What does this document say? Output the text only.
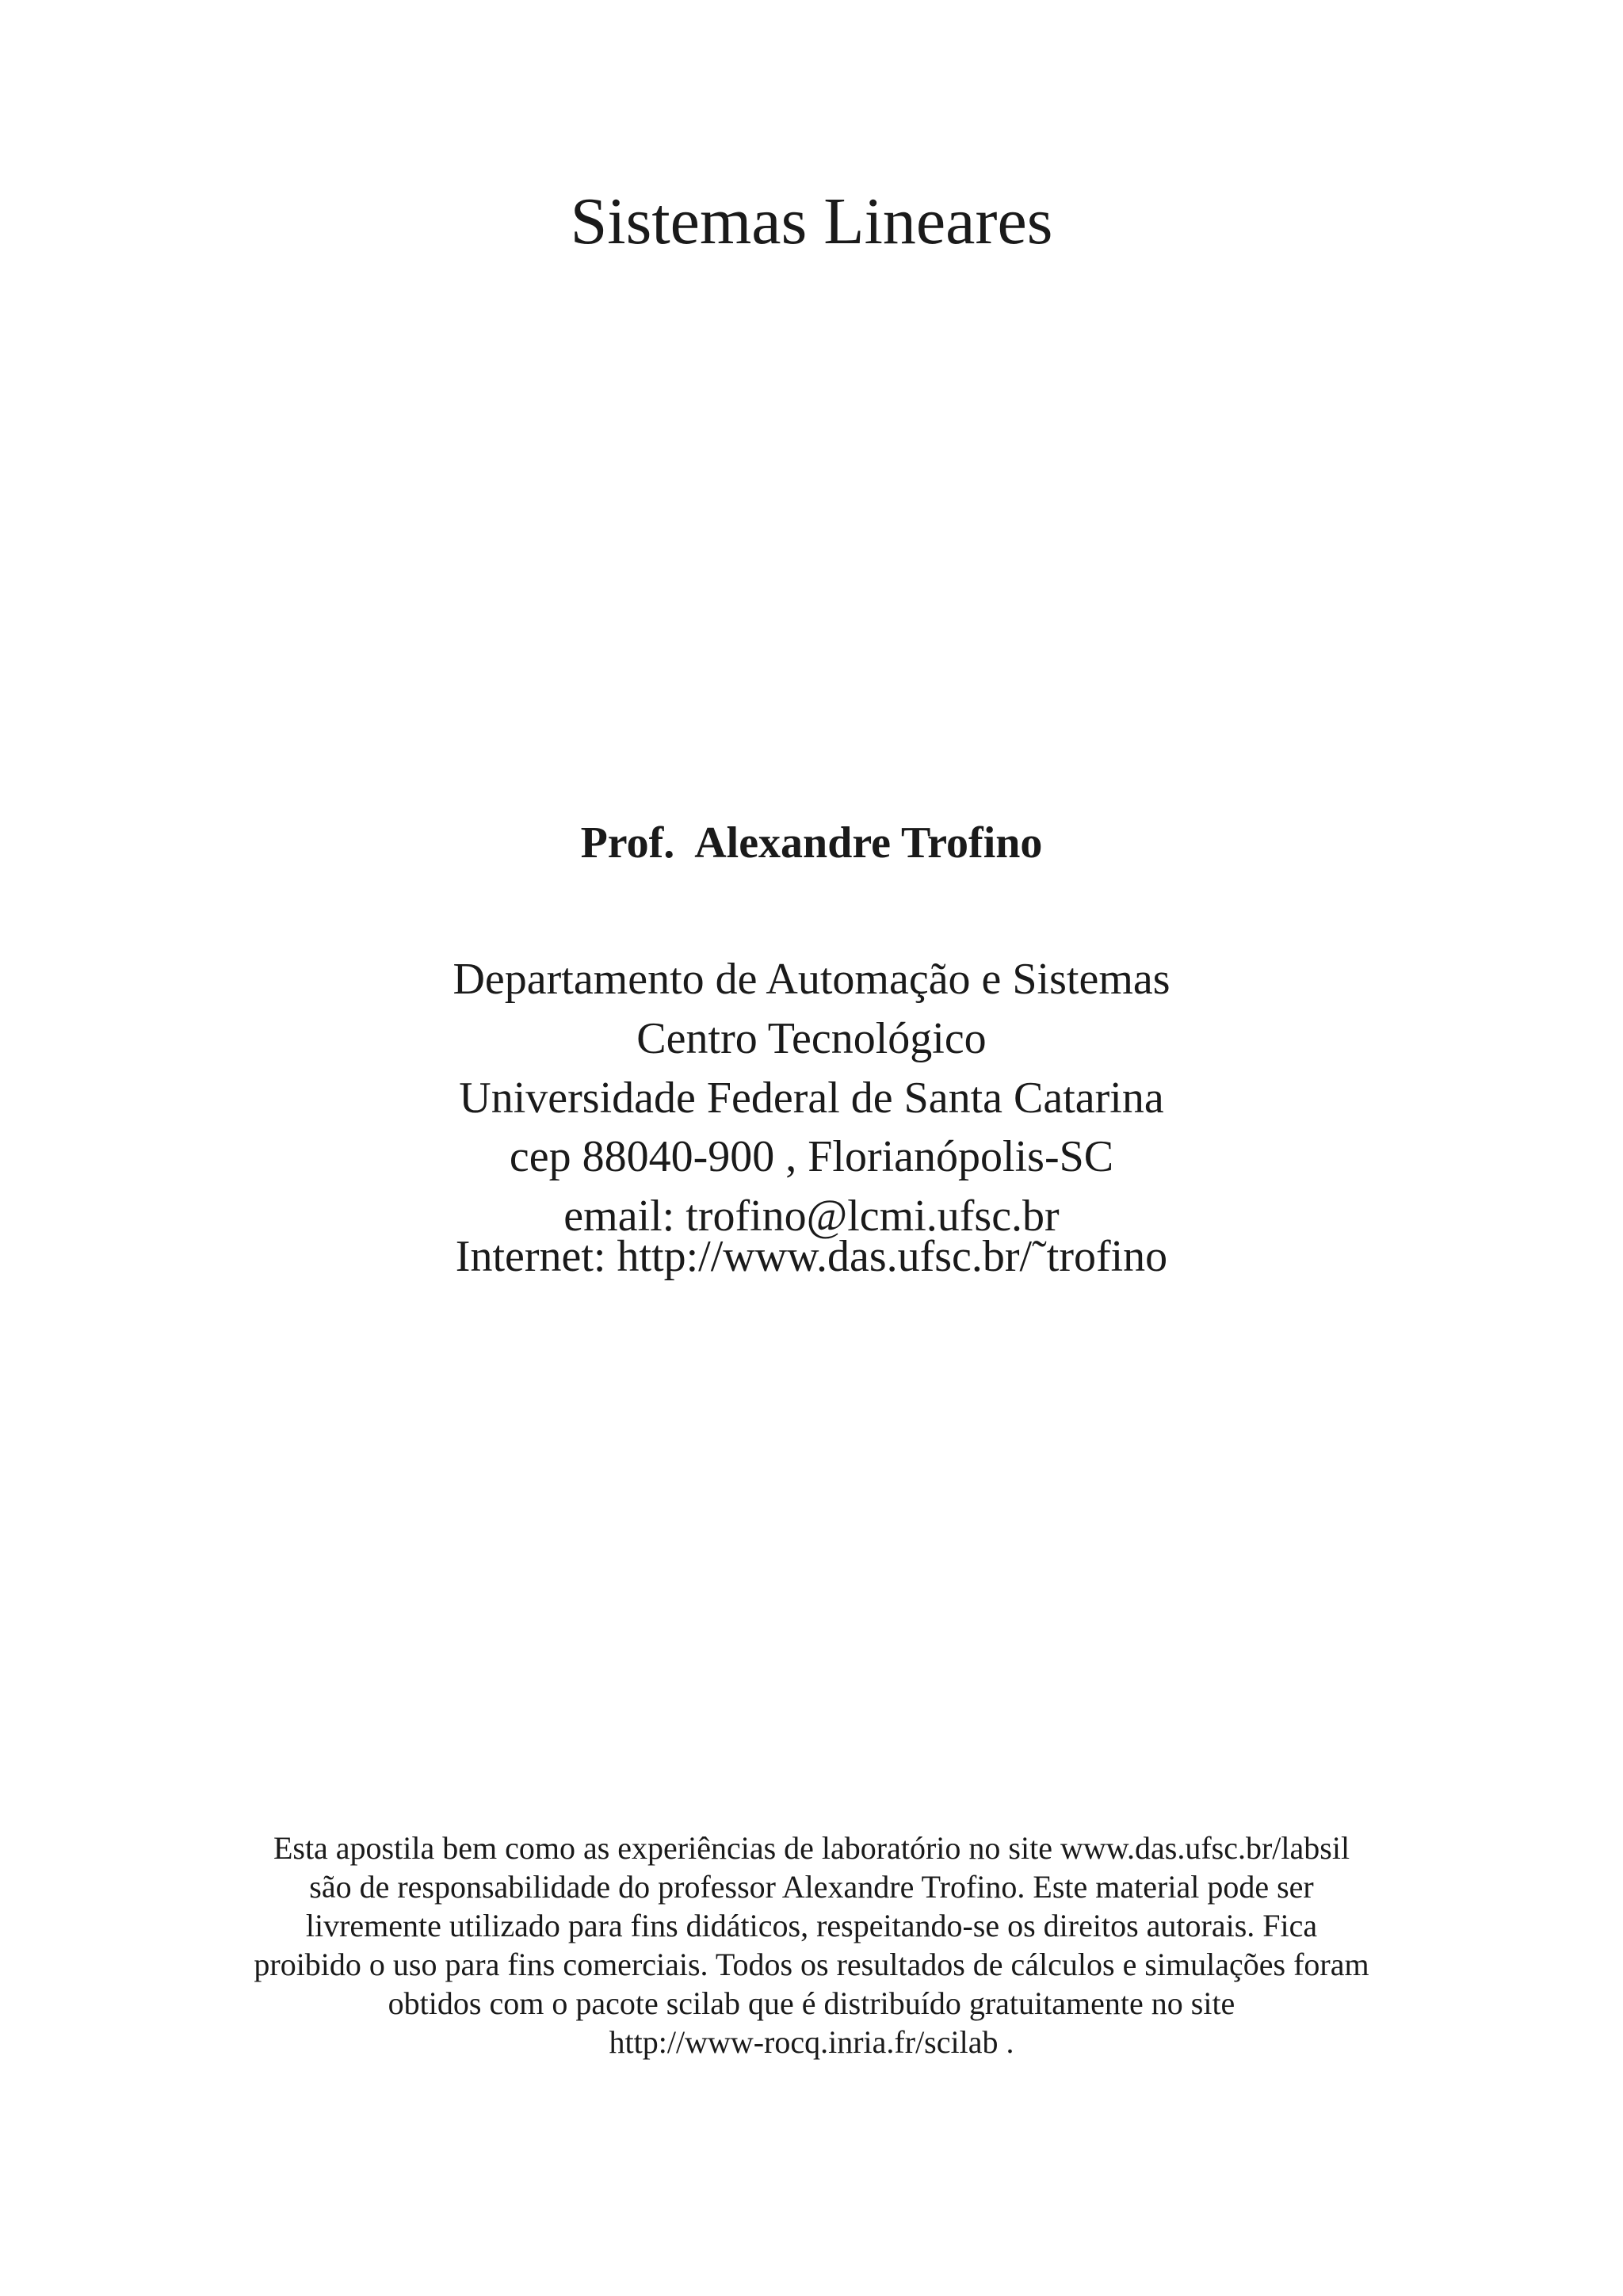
Sistemas Lineares
Prof.  Alexandre Trofino
Departamento de Automação e Sistemas
Centro Tecnológico
Universidade Federal de Santa Catarina
cep 88040-900 , Florianópolis-SC
email: trofino@lcmi.ufsc.br
Internet: http://www.das.ufsc.br/˜trofino
Esta apostila bem como as experiências de laboratório no site www.das.ufsc.br/labsil
são de responsabilidade do professor Alexandre Trofino. Este material pode ser
livremente utilizado para fins didáticos, respeitando-se os direitos autorais. Fica
proibido o uso para fins comerciais. Todos os resultados de cálculos e simulações foram
obtidos com o pacote scilab que é distribuído gratuitamente no site
http://www-rocq.inria.fr/scilab .
